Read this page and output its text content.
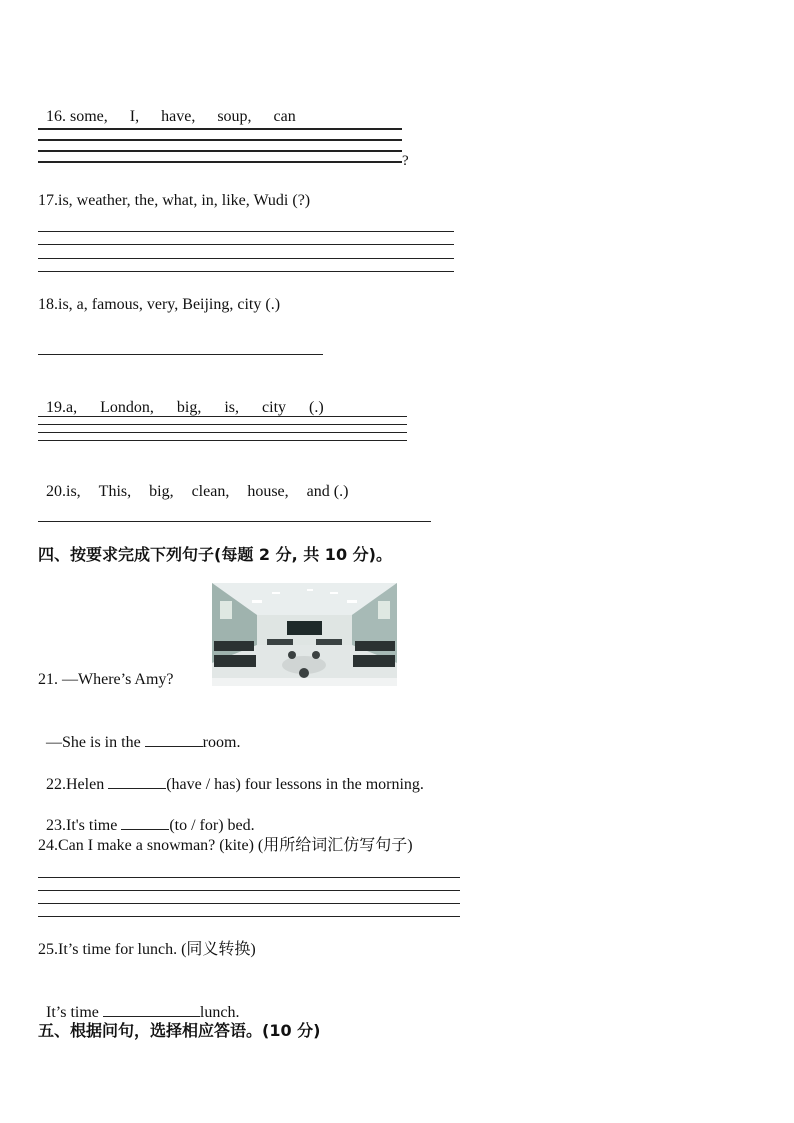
16. some, I, have, soup, can

?
17.is, weather, the, what, in, like, Wudi (?)
18.is, a, famous, very, Beijing, city (.)

19.a, London, big, is, city (.)

20.is, This, big, clean, house, and (.)

四、按要求完成下列句子(每题 2 分, 共 10 分)。
21. —Where’s Amy?

—She is in the	room.

22.Helen	(have / has) four lessons in the morning.

23.It's time	(to / for) bed.

24.Can I make a snowman? (kite) (用所给词汇仿写句子)
25.It’s time for lunch. (同义转换)

It’s time	lunch.

五、根据问句，选择相应答语。(10 分)
